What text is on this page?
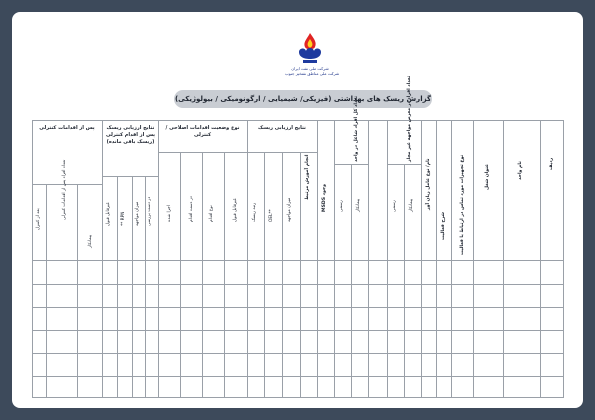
شرکت ملی نفت ایران
شرکت ملی مناطق نفتخیز جنوب
گزارش ریسک های بهداشتی (فیزیکی/ شیمیایی / ارگونومیکی / بیولوژیکی)
نتایج ارزیابی ریسک
نوع وضعیت اقدامات اصلاحی / کنترلی
نتایج ارزیابی ریسک پس از اقدام کنترلی (ریسک باقی مانده)
پس از اقدامات کنترلی
ردیف
نام واحد
عنوان شغل
نوع تجهیزات مورد تماس در ارتباط با فعالیت
شرح فعالیت
نام/ نوع عامل زیان آور
تعداد افراد در معرض مواجهه غیر مجاز
پیمانکار
رسمی
تعداد کل افراد شاغل در واحد
پیمانکار
رسمی
وجود MSDS
انجام آموزش مرتبط
میزان مواجهه
**OEL
رتبه ریسک
غیرقابل قبول
نوع اقدام
در دست اقدام
اجرا شده
در دست بررسی
میزان مواجهه
RPN **
غیرقابل قبول
پیمانکار
تعداد افراد پس از اقدامات کنترلی
بعد از کنترل
